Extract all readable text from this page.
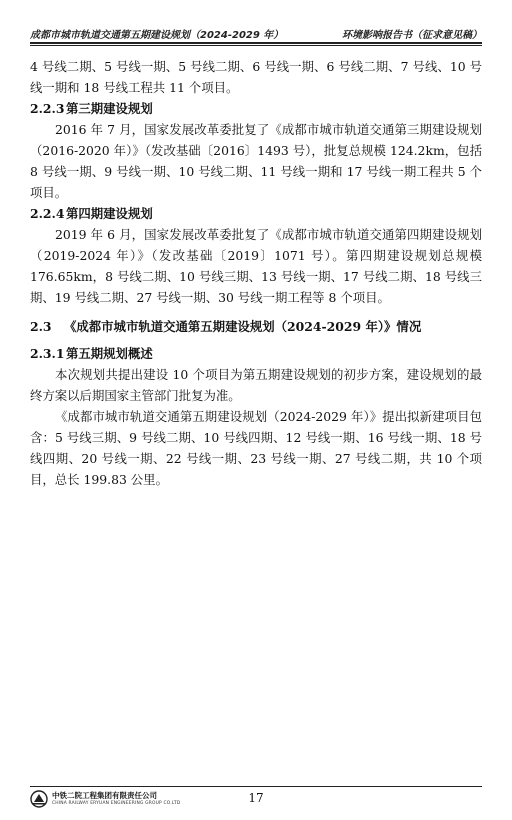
成都市城市轨道交通第五期建设规划（2024-2029 年）	环境影响报告书（征求意见稿）

4 号线二期、5 号线一期、5 号线二期、6 号线一期、6 号线二期、7 号线、10 号线一期和 18 号线工程共 11 个项目。

2.2.3 第三期建设规划

2016 年 7 月，国家发展改革委批复了《成都市城市轨道交通第三期建设规划（2016-2020 年）》（发改基础〔2016〕1493 号），批复总规模 124.2km，包括 8 号线一期、9 号线一期、10 号线二期、11 号线一期和 17 号线一期工程共 5 个项目。

2.2.4 第四期建设规划

2019 年 6 月，国家发展改革委批复了《成都市城市轨道交通第四期建设规划（2019-2024 年）》（发改基础〔2019〕1071 号）。第四期建设规划总规模 176.65km，8 号线二期、10 号线三期、13 号线一期、17 号线二期、18 号线三期、19 号线二期、27 号线一期、30 号线一期工程等 8 个项目。

2.3 《成都市城市轨道交通第五期建设规划（2024-2029 年）》情况
2.3.1 第五期规划概述

本次规划共提出建设 10 个项目为第五期建设规划的初步方案，建设规划的最终方案以后期国家主管部门批复为准。

《成都市城市轨道交通第五期建设规划（2024-2029 年）》提出拟新建项目包含：5 号线三期、9 号线二期、10 号线四期、12 号线一期、16 号线一期、18 号线四期、20 号线一期、22 号线一期、23 号线一期、27 号线二期，共 10 个项目，总长 199.83 公里。

中铁二院工程集团有限责任公司
CHINA RAILWAY ERYUAN ENGINEERING GROUP CO.LTD	17
